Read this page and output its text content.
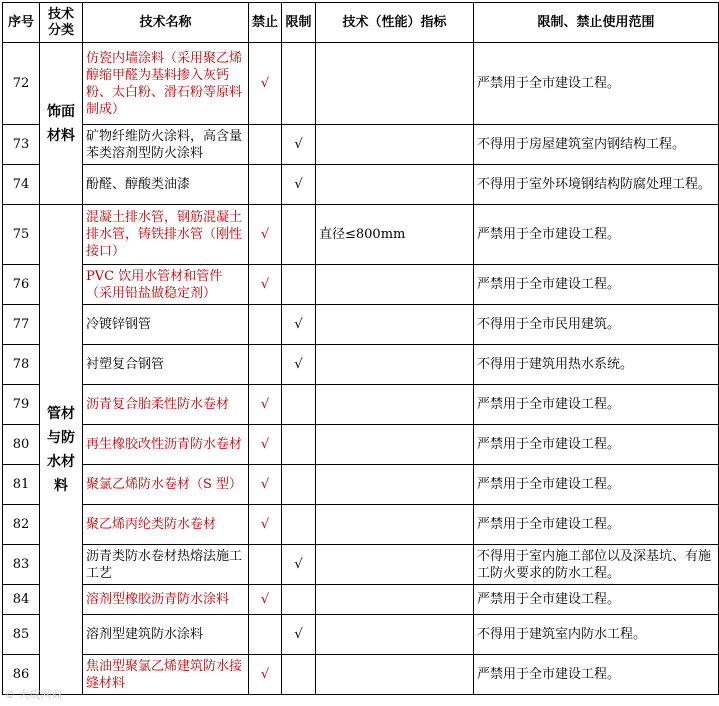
序号	技术分类	技术名称	禁止	限制	技术（性能）指标	限制、禁止使用范围
72	饰面材料	仿瓷内墙涂料（采用聚乙烯醇缩甲醛为基料掺入灰钙粉、太白粉、滑石粉等原料制成）	√			严禁用于全市建设工程。
73		矿物纤维防火涂料，高含量苯类溶剂型防火涂料		√		不得用于房屋建筑室内钢结构工程。
74		酚醛、醇酸类油漆		√		不得用于室外环境钢结构防腐处理工程。
75	管材与防水材料	混凝土排水管，钢筋混凝土排水管，铸铁排水管（刚性接口）	√		直径≤800mm	严禁用于全市建设工程。
76		PVC 饮用水管材和管件（采用铅盐做稳定剂）	√			严禁用于全市建设工程。
77		冷镀锌钢管		√		不得用于全市民用建筑。
78		衬塑复合钢管		√		不得用于建筑用热水系统。
79		沥青复合胎柔性防水卷材	√			严禁用于全市建设工程。
80		再生橡胶改性沥青防水卷材	√			严禁用于全市建设工程。
81		聚氯乙烯防水卷材（S 型）	√			严禁用于全市建设工程。
82		聚乙烯丙纶类防水卷材	√			严禁用于全市建设工程。
83		沥青类防水卷材热熔法施工工艺		√		不得用于室内施工部位以及深基坑、有施工防火要求的防水工程。
84		溶剂型橡胶沥青防水涂料	√			严禁用于全市建设工程。
85		溶剂型建筑防水涂料		√		不得用于建筑室内防水工程。
86		焦油型聚氯乙烯建筑防水接缝材料	√			严禁用于全市建设工程。
© 大成网商
